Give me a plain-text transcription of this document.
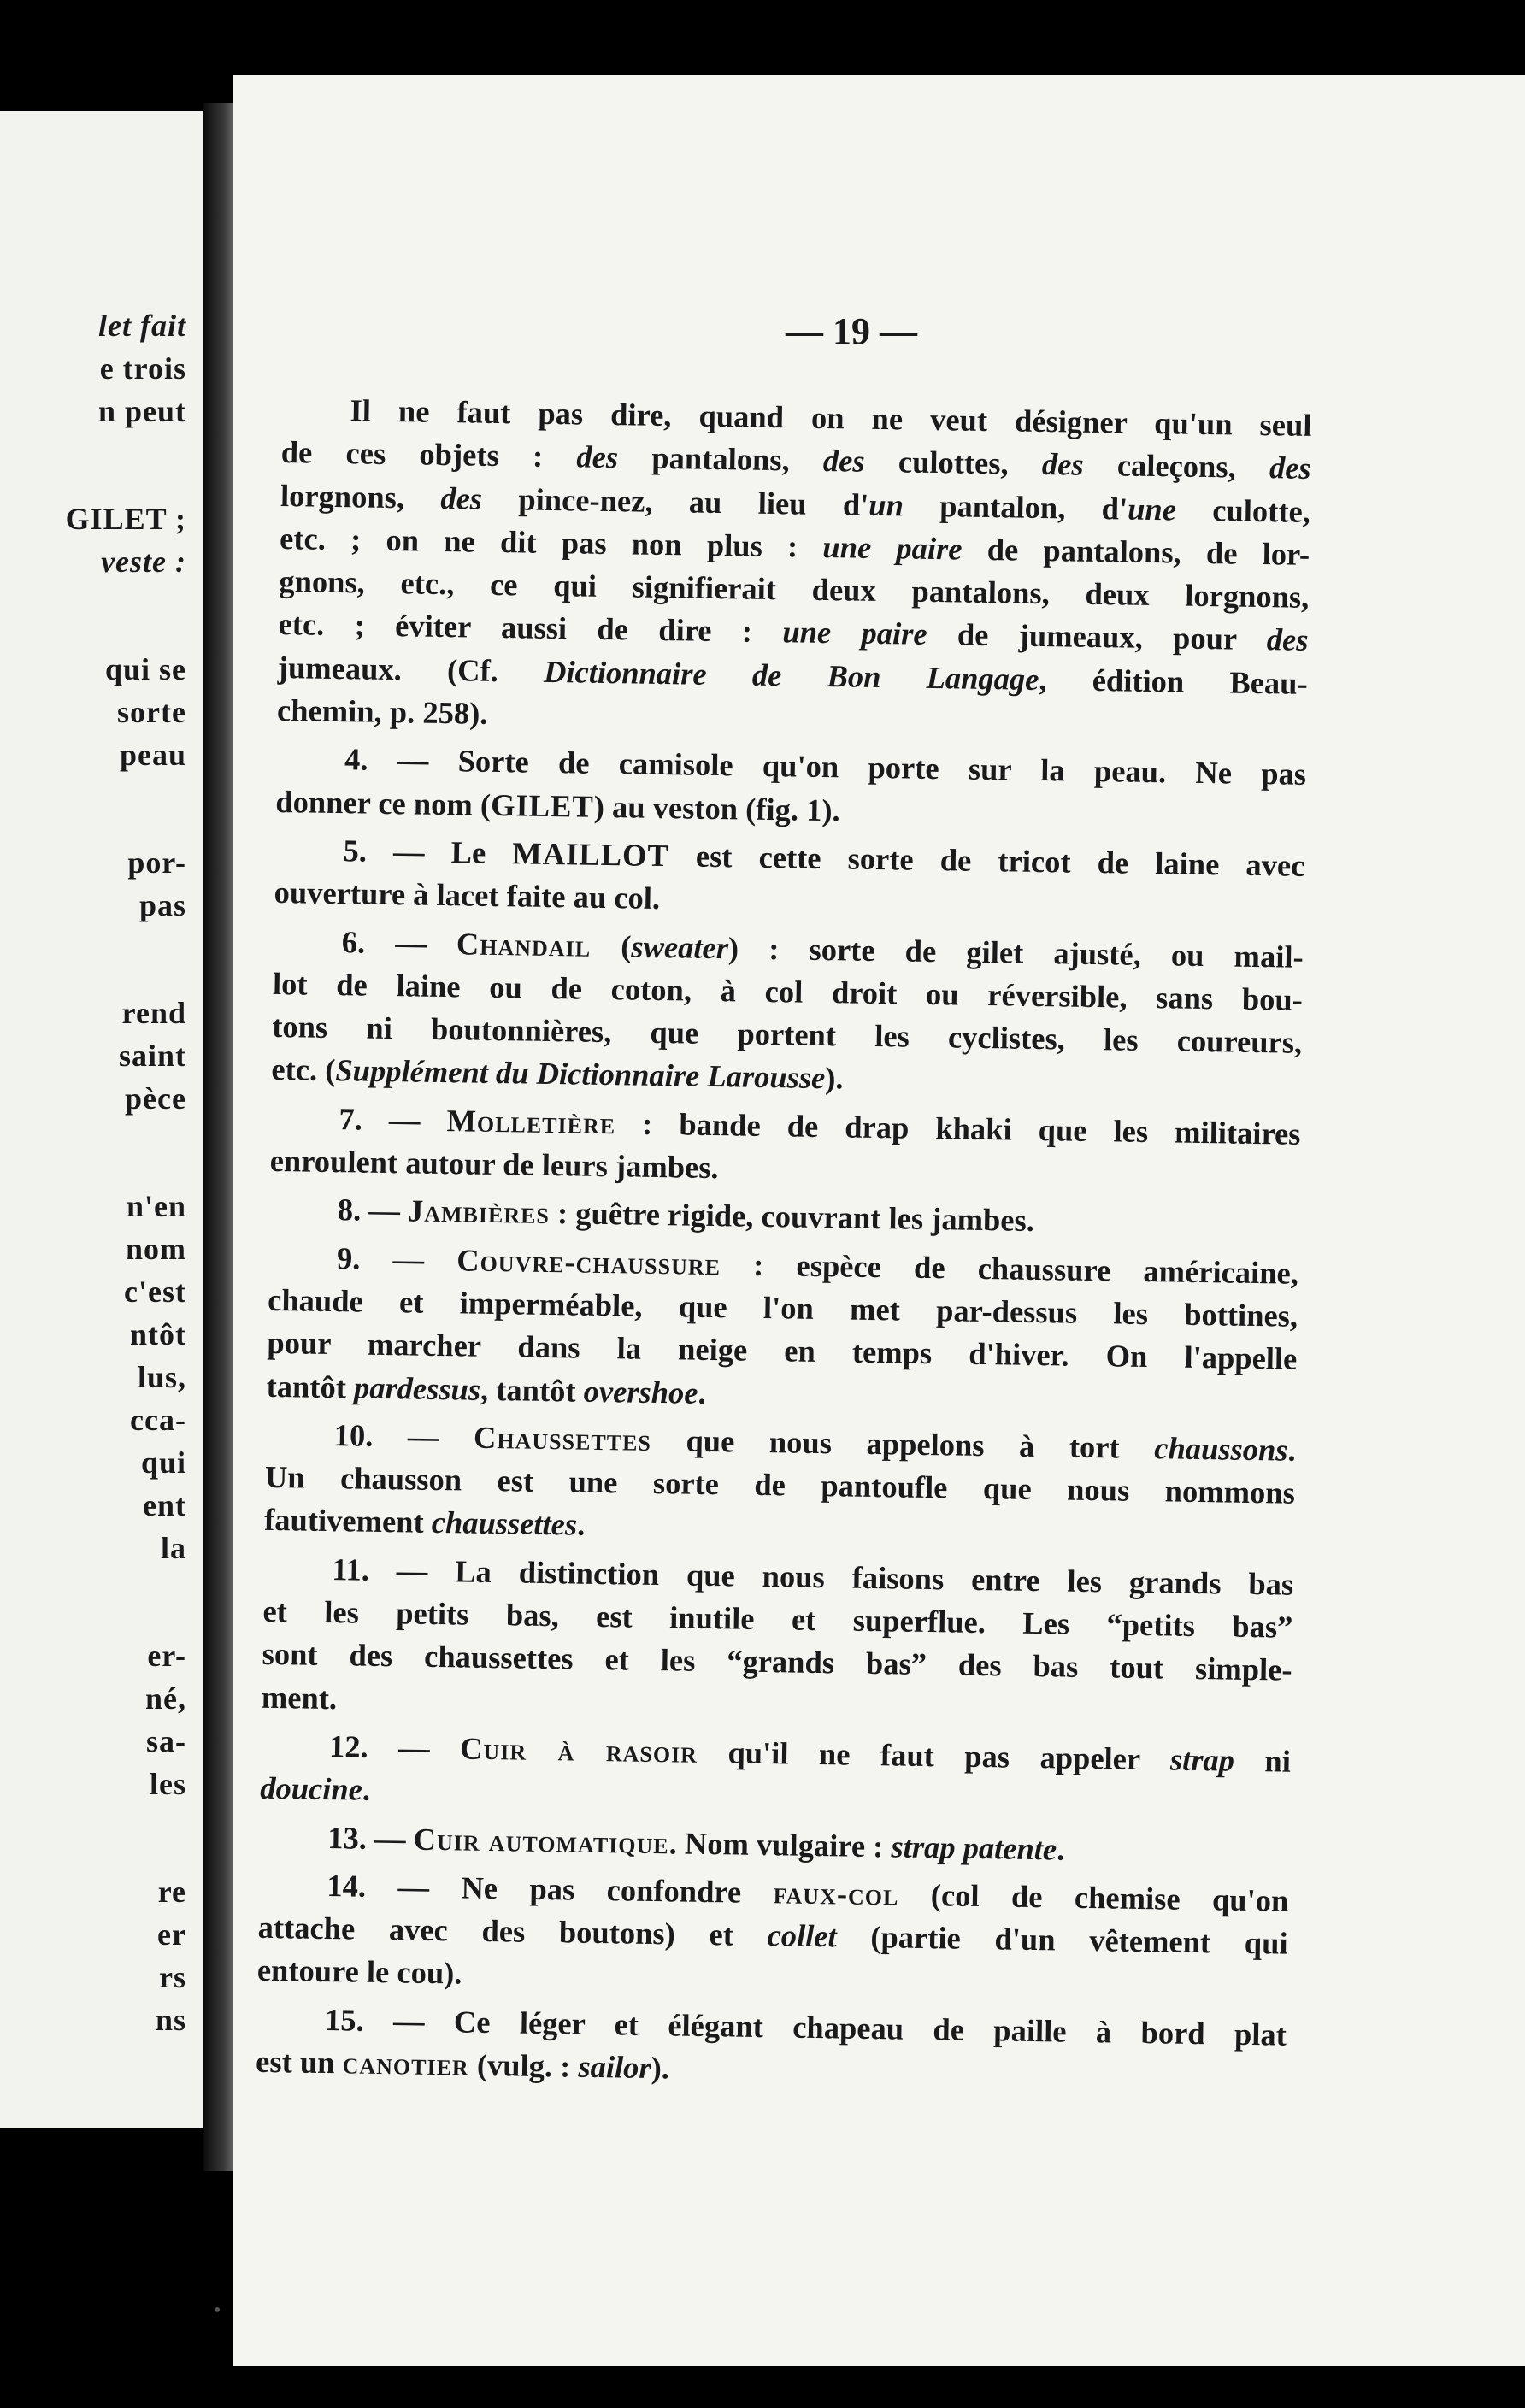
let fait
e trois
n peut
GILET ;
veste :
qui se
sorte
peau
por-
pas
rend
saint
pèce
n'en
nom
c'est
ntôt
lus,
cca-
qui
ent
la
er-
né,
sa-
les
re
er
rs
ns
— 19 —
Il ne faut pas dire, quand on ne veut désigner qu'un seul
de ces objets : des pantalons, des culottes, des caleçons, des
lorgnons, des pince-nez, au lieu d'un pantalon, d'une culotte,
etc. ; on ne dit pas non plus : une paire de pantalons, de lor-
gnons, etc., ce qui signifierait deux pantalons, deux lorgnons,
etc. ; éviter aussi de dire : une paire de jumeaux, pour des
jumeaux. (Cf. Dictionnaire de Bon Langage, édition Beau-
chemin, p. 258).
4. — Sorte de camisole qu'on porte sur la peau. Ne pas
donner ce nom (GILET) au veston (fig. 1).
5. — Le MAILLOT est cette sorte de tricot de laine avec
ouverture à lacet faite au col.
6. — Chandail (sweater) : sorte de gilet ajusté, ou mail-
lot de laine ou de coton, à col droit ou réversible, sans bou-
tons ni boutonnières, que portent les cyclistes, les coureurs,
etc. (Supplément du Dictionnaire Larousse).
7. — Molletière : bande de drap khaki que les militaires
enroulent autour de leurs jambes.
8. — Jambières : guêtre rigide, couvrant les jambes.
9. — Couvre-chaussure : espèce de chaussure américaine,
chaude et imperméable, que l'on met par-dessus les bottines,
pour marcher dans la neige en temps d'hiver. On l'appelle
tantôt pardessus, tantôt overshoe.
10. — Chaussettes que nous appelons à tort chaussons.
Un chausson est une sorte de pantoufle que nous nommons
fautivement chaussettes.
11. — La distinction que nous faisons entre les grands bas
et les petits bas, est inutile et superflue. Les “petits bas”
sont des chaussettes et les “grands bas” des bas tout simple-
ment.
12. — Cuir à rasoir qu'il ne faut pas appeler strap ni
doucine.
13. — Cuir automatique. Nom vulgaire : strap patente.
14. — Ne pas confondre faux-col (col de chemise qu'on
attache avec des boutons) et collet (partie d'un vêtement qui
entoure le cou).
15. — Ce léger et élégant chapeau de paille à bord plat
est un canotier (vulg. : sailor).
•
